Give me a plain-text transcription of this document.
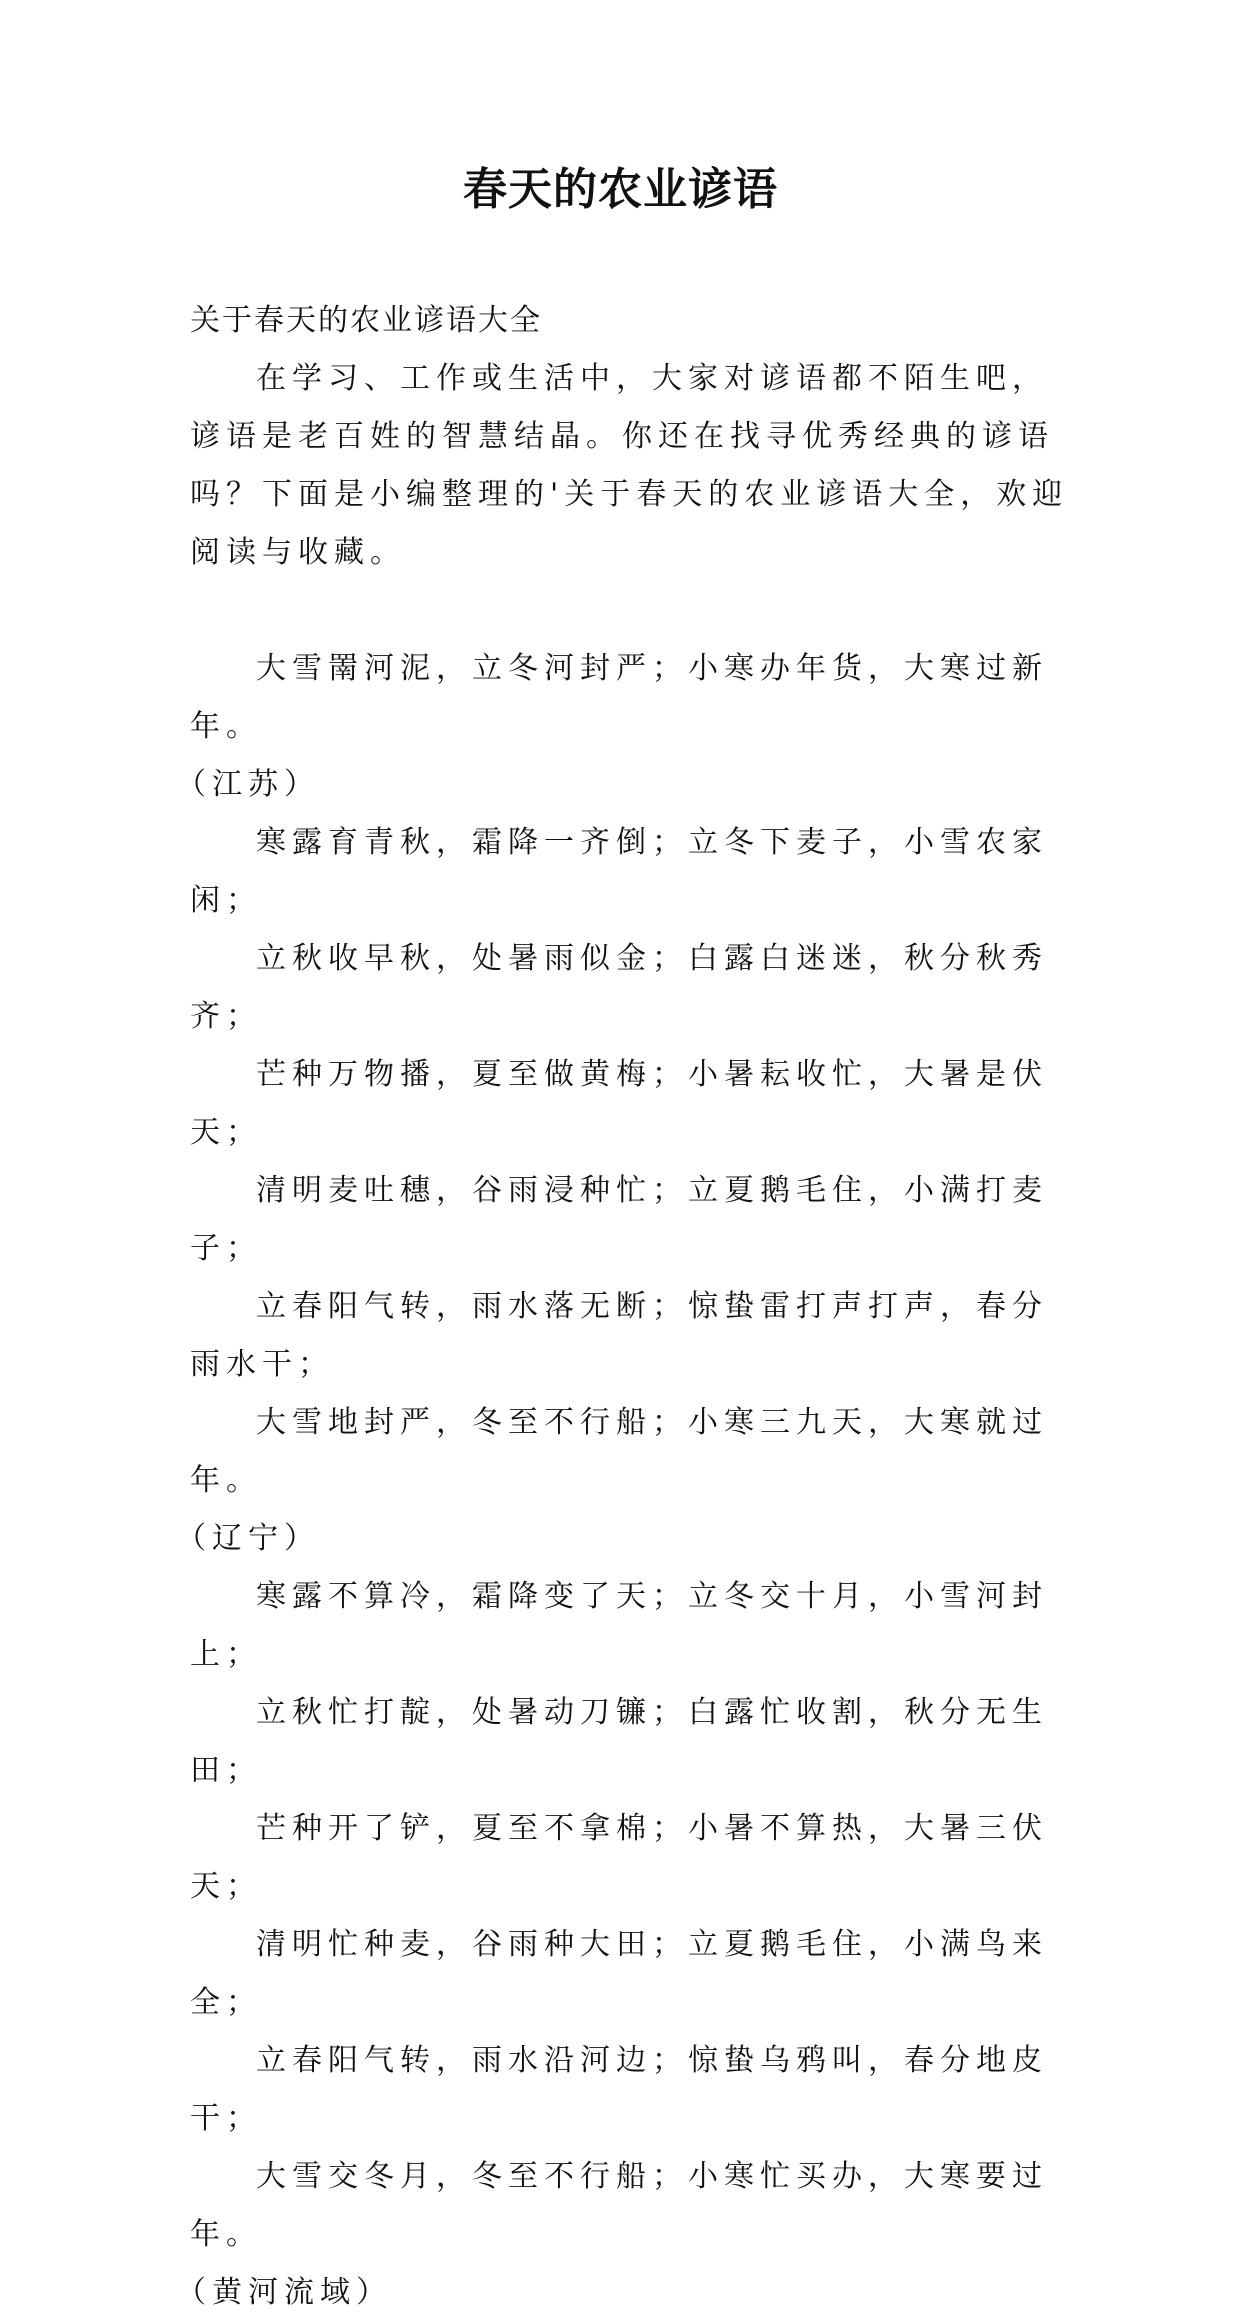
春天的农业谚语

关于春天的农业谚语大全

在学习、工作或生活中，大家对谚语都不陌生吧，谚语是老百姓的智慧结晶。你还在找寻优秀经典的谚语吗？下面是小编整理的'关于春天的农业谚语大全，欢迎阅读与收藏。

大雪罱河泥，立冬河封严；小寒办年货，大寒过新年。

（江苏）

寒露育青秋，霜降一齐倒；立冬下麦子，小雪农家闲；

立秋收早秋，处暑雨似金；白露白迷迷，秋分秋秀齐；

芒种万物播，夏至做黄梅；小暑耘收忙，大暑是伏天；

清明麦吐穗，谷雨浸种忙；立夏鹅毛住，小满打麦子；

立春阳气转，雨水落无断；惊蛰雷打声打声，春分雨水干；

大雪地封严，冬至不行船；小寒三九天，大寒就过年。

（辽宁）

寒露不算冷，霜降变了天；立冬交十月，小雪河封上；

立秋忙打靛，处暑动刀镰；白露忙收割，秋分无生田；

芒种开了铲，夏至不拿棉；小暑不算热，大暑三伏天；

清明忙种麦，谷雨种大田；立夏鹅毛住，小满鸟来全；

立春阳气转，雨水沿河边；惊蛰乌鸦叫，春分地皮干；

大雪交冬月，冬至不行船；小寒忙买办，大寒要过年。

（黄河流域）
